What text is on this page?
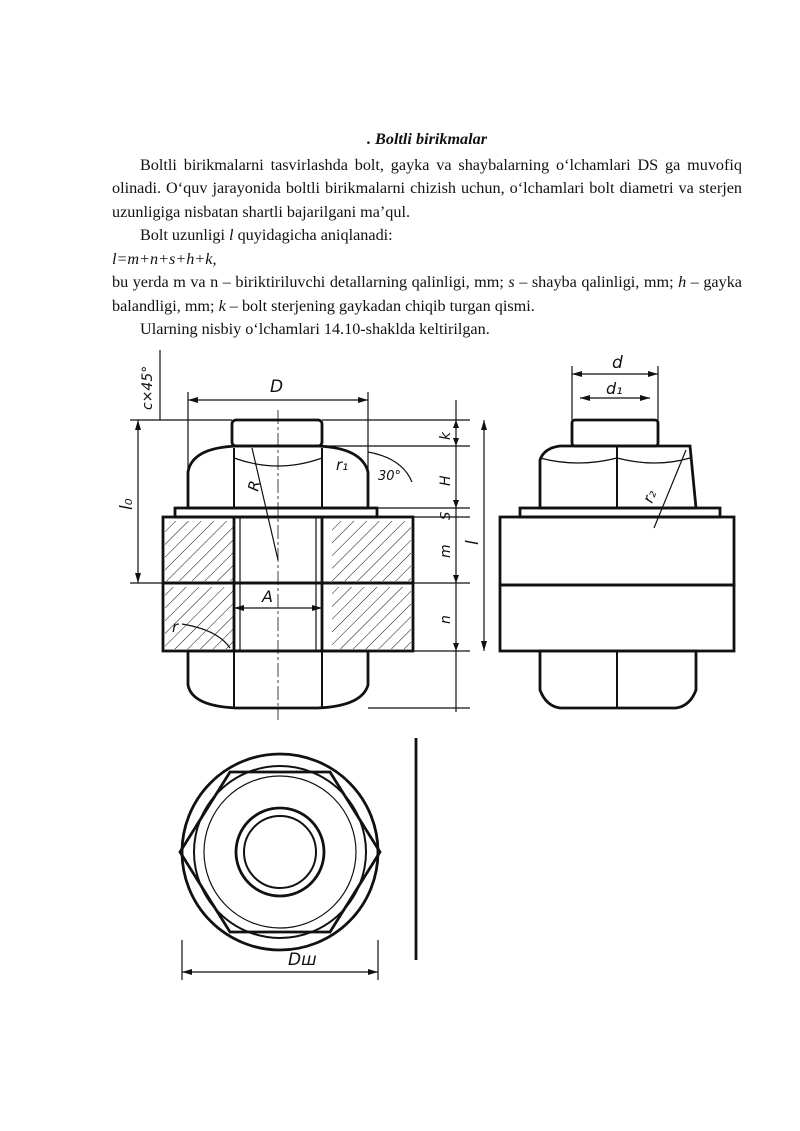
. Boltli birikmalar

Boltli birikmalarni tasvirlashda bolt, gayka va shaybalarning o‘lchamlari DS ga muvofiq olinadi. O‘quv jarayonida boltli birikmalarni chizish uchun, o‘lchamlari bolt diametri va sterjen uzunligiga nisbatan shartli bajarilgani ma’qul.

Bolt uzunligi l quyidagicha aniqlanadi:

l=m+n+s+h+k,

bu yerda m va n – biriktiriluvchi detallarning qalinligi, mm; s – shayba qalinligi, mm; h – gayka balandligi, mm; k – bolt sterjening gaykadan chiqib turgan qismi.

Ularning nisbiy o‘lchamlari 14.10-shaklda keltirilgan.

D
c×45°
l₀
R
r₁
30°
A
r
k
H
S
m
n
l
d
d₁
r₂
Dш
